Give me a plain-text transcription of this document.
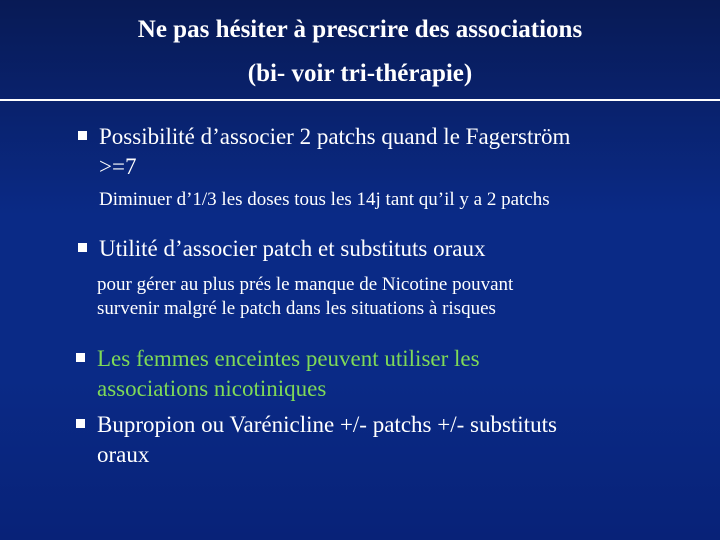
Ne pas hésiter à prescrire des associations
(bi- voir tri-thérapie)
Possibilité d’associer 2 patchs quand le Fagerström
>=7
Diminuer d’1/3 les doses tous les 14j tant qu’il y a 2 patchs
Utilité d’associer patch et substituts oraux
pour gérer au plus prés le manque de Nicotine pouvant
survenir malgré le patch dans les situations à risques
Les femmes enceintes peuvent utiliser les
associations nicotiniques
Bupropion ou Varénicline +/- patchs +/- substituts
oraux
